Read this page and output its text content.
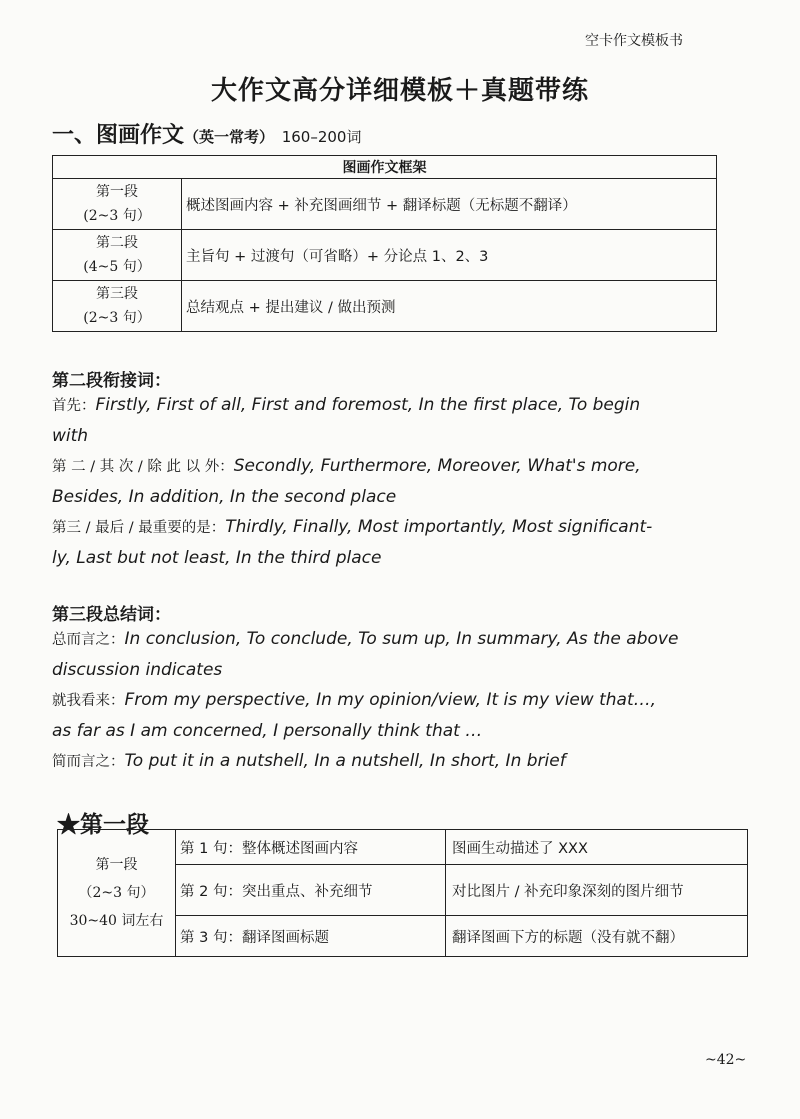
空卡作文模板书
大作文高分详细模板＋真题带练
一、图画作文（英一常考） 160–200词
图画作文框架	

第一段
(2~3 句）	概述图画内容 + 补充图画细节 + 翻译标题（无标题不翻译）

第二段
(4~5 句）	主旨句 + 过渡句（可省略）+ 分论点 1、2、3

第三段
(2~3 句）	总结观点 + 提出建议 / 做出预测
第二段衔接词：
首先：Firstly, First of all, First and foremost, In the first place, To begin
with
第 二 / 其 次 / 除 此 以 外：Secondly, Furthermore, Moreover, What's more,
Besides, In addition, In the second place
第三 / 最后 / 最重要的是：Thirdly, Finally, Most importantly, Most significant-
ly, Last but not least, In the third place
第三段总结词：
总而言之：In conclusion, To conclude, To sum up, In summary, As the above
discussion indicates
就我看来：From my perspective, In my opinion/view, It is my view that…,
as far as I am concerned, I personally think that …
简而言之：To put it in a nutshell, In a nutshell, In short, In brief
★第一段
第一段
（2~3 句）
30~40 词左右	第 1 句：整体概述图画内容	图画生动描述了 XXX
	第 2 句：突出重点、补充细节	对比图片 / 补充印象深刻的图片细节
	第 3 句：翻译图画标题	翻译图画下方的标题（没有就不翻）
~42~
